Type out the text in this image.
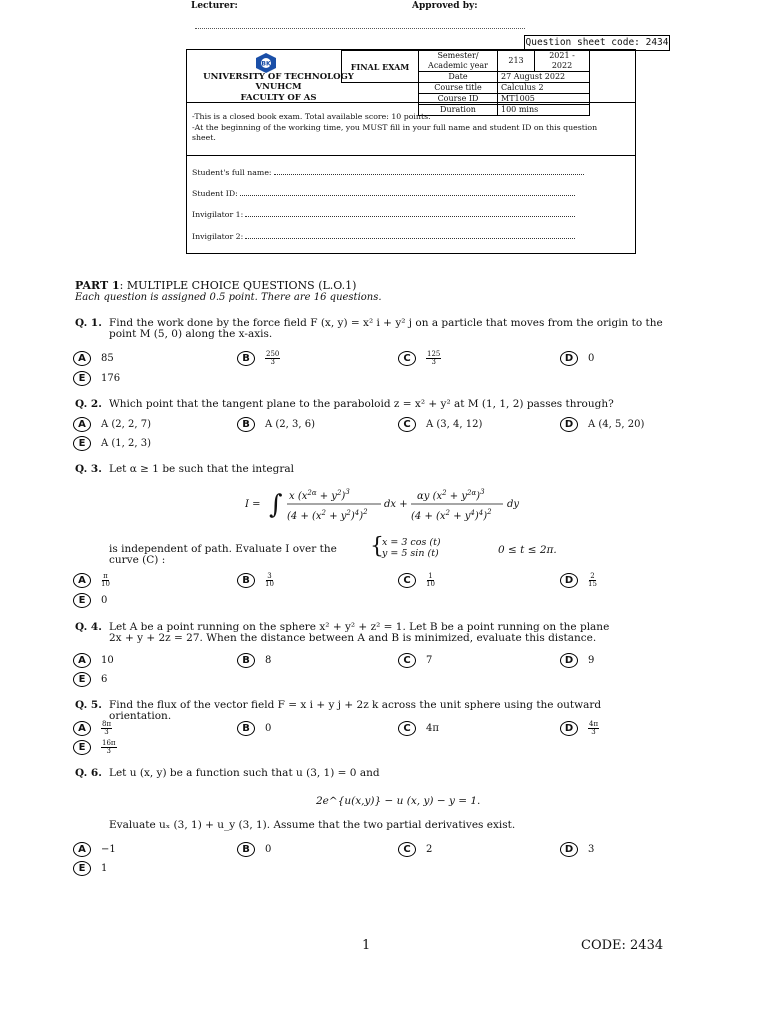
Lecturer:	Approved by:
Question sheet code: 2434
BK
UNIVERSITY OF TECHNOLOGY
VNUHCM
FACULTY OF AS
FINAL EXAM	Semester/ Academic year	213	2021 - 2022
	Date	27 August 2022	
	Course title	Calculus 2	
	Course ID	MT1005	
	Duration	100 mins	
-This is a closed book exam. Total available score: 10 points.
-At the beginning of the working time, you MUST fill in your full name and student ID on this question
sheet.
Student's full name:
Student ID:
Invigilator 1:
Invigilator 2:
PART 1: MULTIPLE CHOICE QUESTIONS (L.O.1)
Each question is assigned 0.5 point. There are 16 questions.
Q. 1. Find the work done by the force field F (x, y) = x² i + y² j on a particle that moves from the origin to the
point M (5, 0) along the x-axis.
A	85	B	$\frac{250}{3}$	C	$\frac{125}{3}$	D	0
E	176
Q. 2. Which point that the tangent plane to the paraboloid z = x² + y² at M (1, 1, 2) passes through?
A	A (2, 2, 7)	B	A (2, 3, 6)	C	A (3, 4, 12)	D	A (4, 5, 20)
E	A (1, 2, 3)
Q. 3. Let α ≥ 1 be such that the integral
I = ∫ x $(x^{2\alpha} + y^2)^3$
$(4 + (x^2 + y^2)^4)^2$
dx +
αy $(x^2 + y^{2\alpha})^3$
$(4 + (x^2 + y^4)^4)^2$
dy
is independent of path. Evaluate I over the curve (C) :
{
x = 3 cos (t)
y = 5 sin (t)	0 ≤ t ≤ 2π.
A	$\frac{\pi}{10}$	B	$\frac{3}{10}$	C	$\frac{1}{10}$	D	$\frac{2}{15}$
E	0
Q. 4. Let A be a point running on the sphere x² + y² + z² = 1. Let B be a point running on the plane
2x + y + 2z = 27. When the distance between A and B is minimized, evaluate this distance.
A	10	B	8	C	7	D	9
E	6
Q. 5. Find the flux of the vector field F = x i + y j + 2z k across the unit sphere using the outward orientation.
A	$\frac{8\pi}{3}$	B	0	C	4π	D	$\frac{4\pi}{3}$
E	$\frac{16\pi}{3}$
Q. 6. Let u (x, y) be a function such that u (3, 1) = 0 and
2e^{u(x,y)} − u (x, y) − y = 1.
Evaluate uₓ (3, 1) + u_y (3, 1). Assume that the two partial derivatives exist.
A	−1	B	0	C	2	D	3
E	1
1	CODE: 2434
